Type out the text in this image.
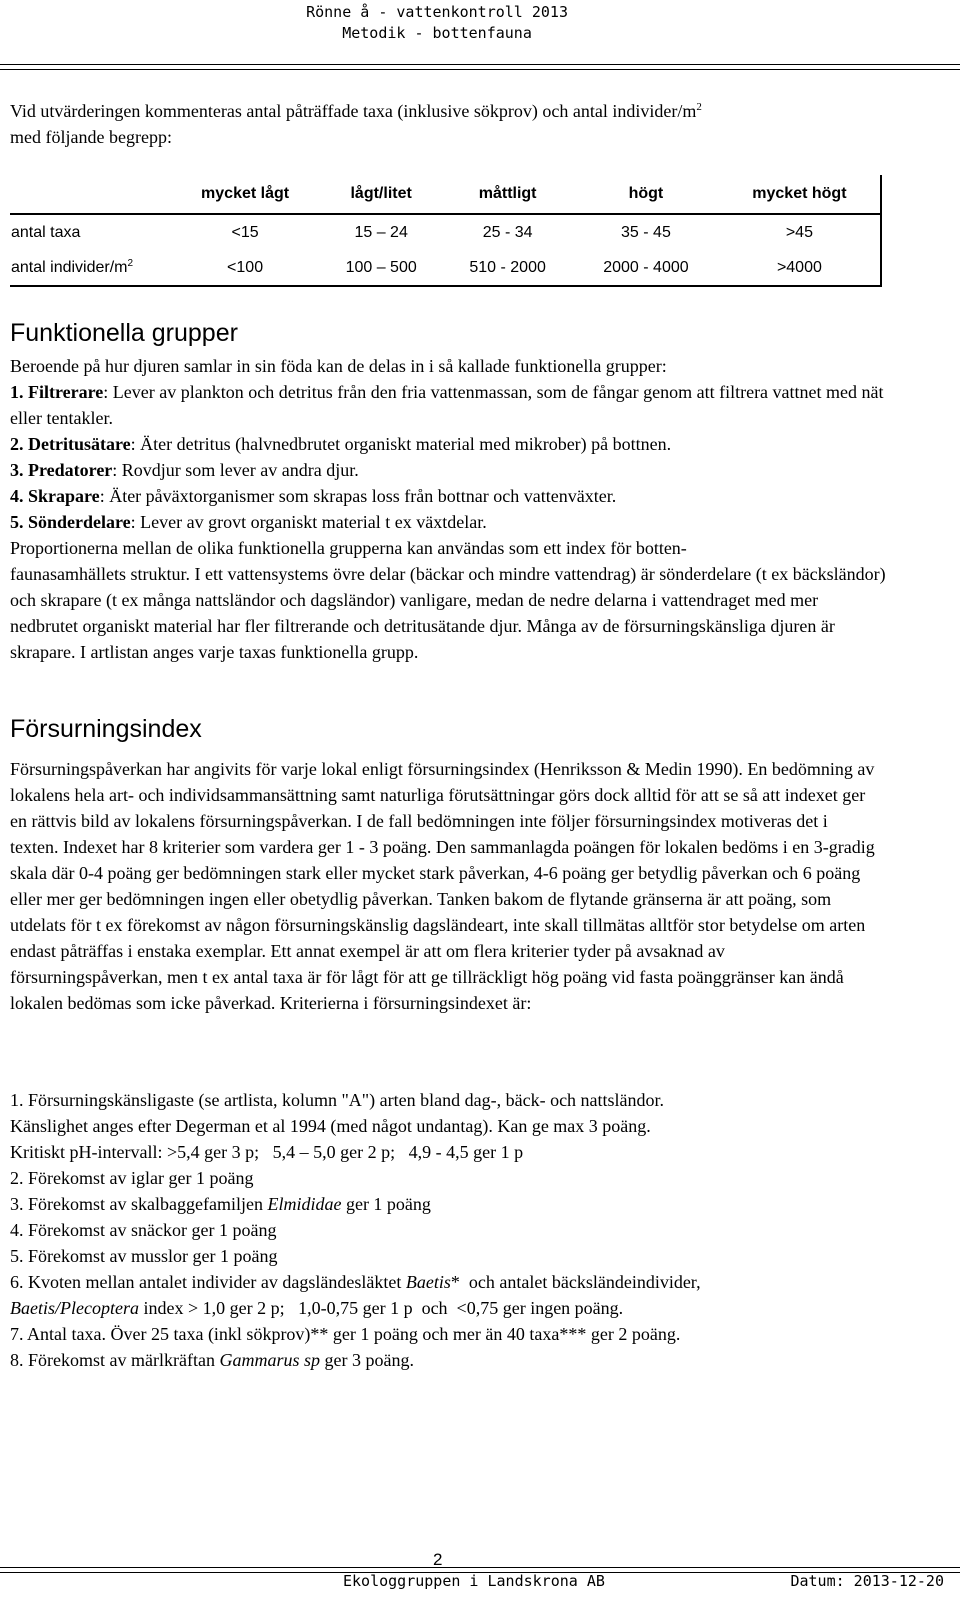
Rönne å - vattenkontroll 2013
Metodik - bottenfauna
Vid utvärderingen kommenteras antal påträffade taxa (inklusive sökprov) och antal individer/$m^2$
med följande begrepp:
	mycket lågt	lågt/litet	måttligt	högt	mycket högt
antal taxa	<15	15 – 24	25 - 34	35 - 45	>45
antal individer/$m^2$	<100	100 – 500	510 - 2000	2000 - 4000	>4000
Funktionella grupper

Beroende på hur djuren samlar in sin föda kan de delas in i så kallade funktionella grupper:

1. Filtrerare: Lever av plankton och detritus från den fria vattenmassan, som de fångar genom att filtrera vattnet med nät eller tentakler.

2. Detritusätare: Äter detritus (halvnedbrutet organiskt material med mikrober) på bottnen.

3. Predatorer: Rovdjur som lever av andra djur.

4. Skrapare: Äter påväxtorganismer som skrapas loss från bottnar och vattenväxter.

5. Sönderdelare: Lever av grovt organiskt material t ex växtdelar.

Proportionerna mellan de olika funktionella grupperna kan användas som ett index för botten-
faunasamhällets struktur. I ett vattensystems övre delar (bäckar och mindre vattendrag) är sönderdelare (t ex bäcksländor) och skrapare (t ex många nattsländor och dagsländor) vanligare, medan de nedre delarna i vattendraget med mer nedbrutet organiskt material har fler filtrerande och detritusätande djur. Många av de försurningskänsliga djuren är skrapare. I artlistan anges varje taxas funktionella grupp.

Försurningsindex

Försurningspåverkan har angivits för varje lokal enligt försurningsindex (Henriksson & Medin 1990). En bedömning av lokalens hela art- och individsammansättning samt naturliga förutsättningar görs dock alltid för att se så att indexet ger en rättvis bild av lokalens försurningspåverkan. I de fall bedömningen inte följer försurningsindex motiveras det i texten. Indexet har 8 kriterier som vardera ger 1 - 3 poäng. Den sammanlagda poängen för lokalen bedöms i en 3-gradig skala där 0-4 poäng ger bedömningen stark eller mycket stark påverkan, 4-6 poäng ger betydlig påverkan och 6 poäng eller mer ger bedömningen ingen eller obetydlig påverkan. Tanken bakom de flytande gränserna är att poäng, som utdelats för t ex förekomst av någon försurningskänslig dagsländeart, inte skall tillmätas alltför stor betydelse om arten endast påträffas i enstaka exemplar. Ett annat exempel är att om flera kriterier tyder på avsaknad av försurningspåverkan, men t ex antal taxa är för lågt för att ge tillräckligt hög poäng vid fasta poänggränser kan ändå lokalen bedömas som icke påverkad. Kriterierna i försurningsindexet är:

1. Försurningskänsligaste (se artlista, kolumn "A") arten bland dag-, bäck- och nattsländor.

Känslighet anges efter Degerman et al 1994 (med något undantag). Kan ge max 3 poäng.

Kritiskt pH-intervall: >5,4 ger 3 p;   5,4 – 5,0 ger 2 p;   4,9 - 4,5 ger 1 p

2. Förekomst av iglar ger 1 poäng

3. Förekomst av skalbaggefamiljen Elmididae ger 1 poäng

4. Förekomst av snäckor ger 1 poäng

5. Förekomst av musslor ger 1 poäng

6. Kvoten mellan antalet individer av dagsländesläktet Baetis*  och antalet bäcksländeindivider,
Baetis/Plecoptera index > 1,0 ger 2 p;   1,0-0,75 ger 1 p  och  <0,75 ger ingen poäng.

7. Antal taxa. Över 25 taxa (inkl sökprov)** ger 1 poäng och mer än 40 taxa*** ger 2 poäng.

8. Förekomst av märlkräftan Gammarus sp ger 3 poäng.

2
Ekologgruppen i Landskrona AB	Datum: 2013-12-20
